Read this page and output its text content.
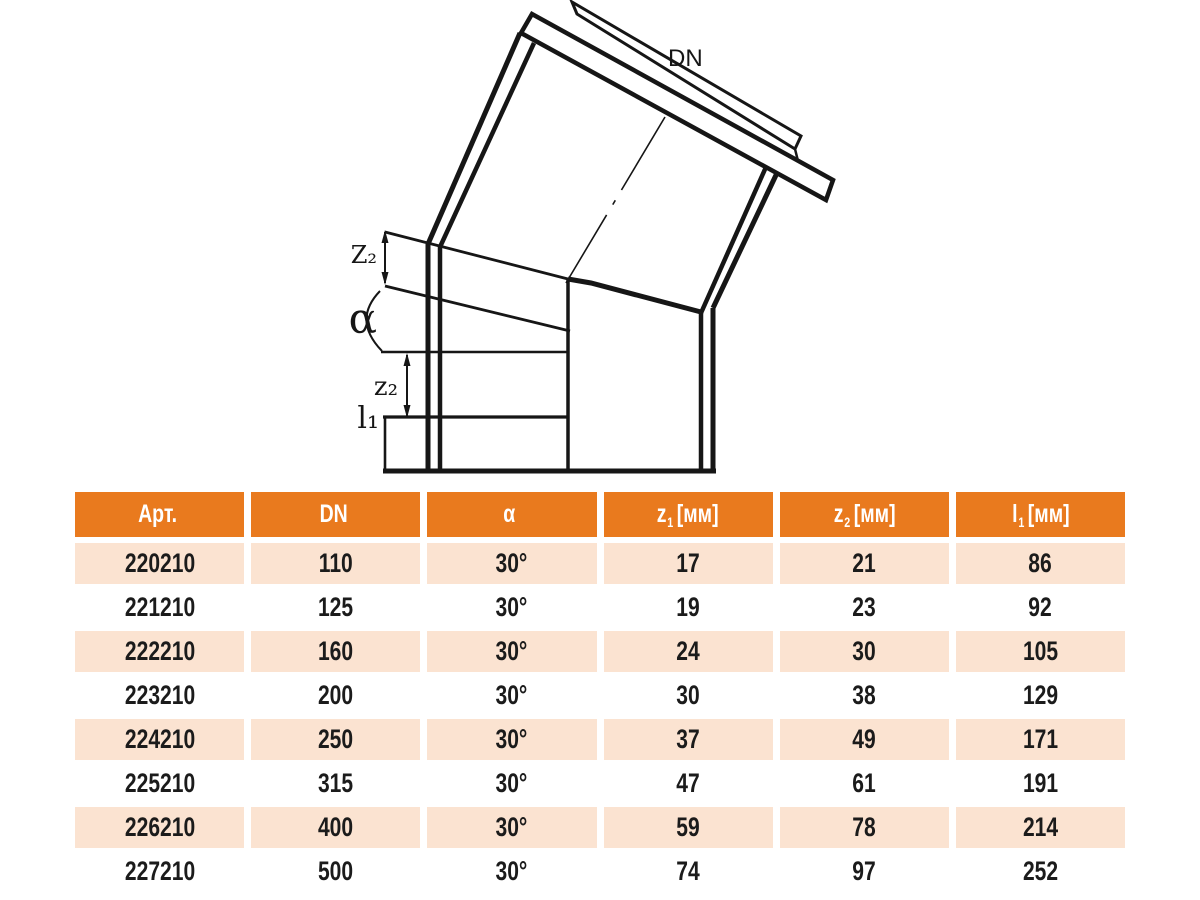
DN
Z₂
α
z₂
l₁
Арт.	DN	α	$z_1$ [мм]	$z_2$ [мм]	$l_1$ [мм]
220210	110	30°	17	21	86
221210	125	30°	19	23	92
222210	160	30°	24	30	105
223210	200	30°	30	38	129
224210	250	30°	37	49	171
225210	315	30°	47	61	191
226210	400	30°	59	78	214
227210	500	30°	74	97	252
